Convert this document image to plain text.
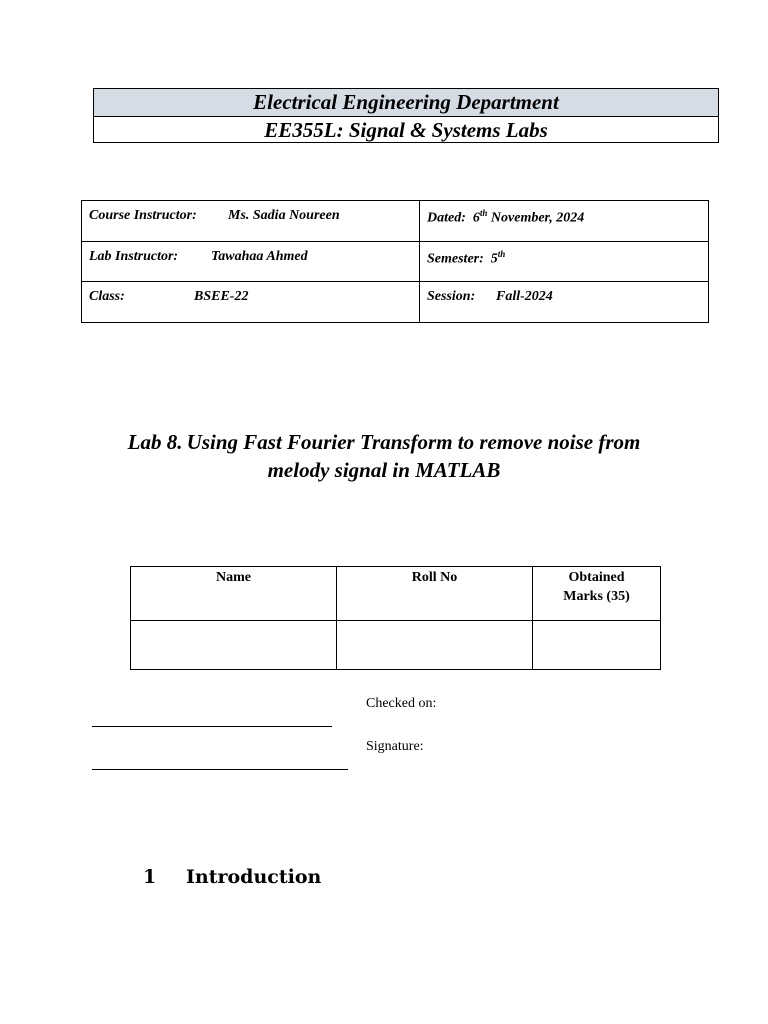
Electrical Engineering Department
EE355L: Signal & Systems Labs
Course Instructor: Ms. Sadia Noureen	Dated: 6th November, 2024
Lab Instructor: Tawahaa Ahmed	Semester: 5th
Class: BSEE-22	Session: Fall-2024
Lab 8. Using Fast Fourier Transform to remove noise from
melody signal in MATLAB
Name	Roll No	Obtained
Marks (35)

Checked on:
Signature:
1 Introduction
